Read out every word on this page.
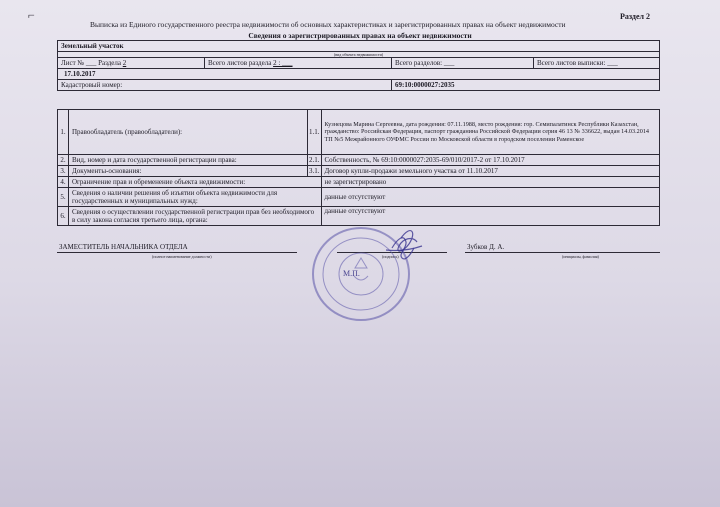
⌐	Раздел 2
Выписка из Единого государственного реестра недвижимости об основных характеристиках и зарегистрированных правах на объект недвижимости
Сведения о зарегистрированных правах на объект недвижимости
Земельный участок			
(вид объекта недвижимости)			
Лист № ___ Раздела 2	Всего листов раздела 2 : ___	Всего разделов: ___	Всего листов выписки: ___
17.10.2017			
Кадастровый номер:		69:10:0000027:2035	
1.	Правообладатель (правообладатели):	1.1.	Кузнецова Марина Сергеевна, дата рождения: 07.11.1988, место рождения: гор. Семипалатинск Республики Казахстан, гражданство: Российская Федерация, паспорт гражданина Российской Федерации серия 46 13 № 336622, выдан 14.03.2014 ТП №5 Межрайонного ОУФМС России по Московской области в городском поселении Раменское
2.	Вид, номер и дата государственной регистрации права:	2.1.	Собственность, № 69:10:0000027:2035-69/010/2017-2 от 17.10.2017
3.	Документы-основания:	3.1.	Договор купли-продажи земельного участка от 11.10.2017
4.	Ограничение прав и обременение объекта недвижимости:		не зарегистрировано
5.	Сведения о наличии решения об изъятии объекта недвижимости для государственных и муниципальных нужд:		данные отсутствуют
6.	Сведения о осуществлении государственной регистрации прав без необходимого в силу закона согласия третьего лица, органа:		данные отсутствуют
ЗАМЕСТИТЕЛЬ НАЧАЛЬНИКА ОТДЕЛА
(полное наименование должности)	(подпись)
Зубков Д. А.
(инициалы, фамилия)
М.П.
